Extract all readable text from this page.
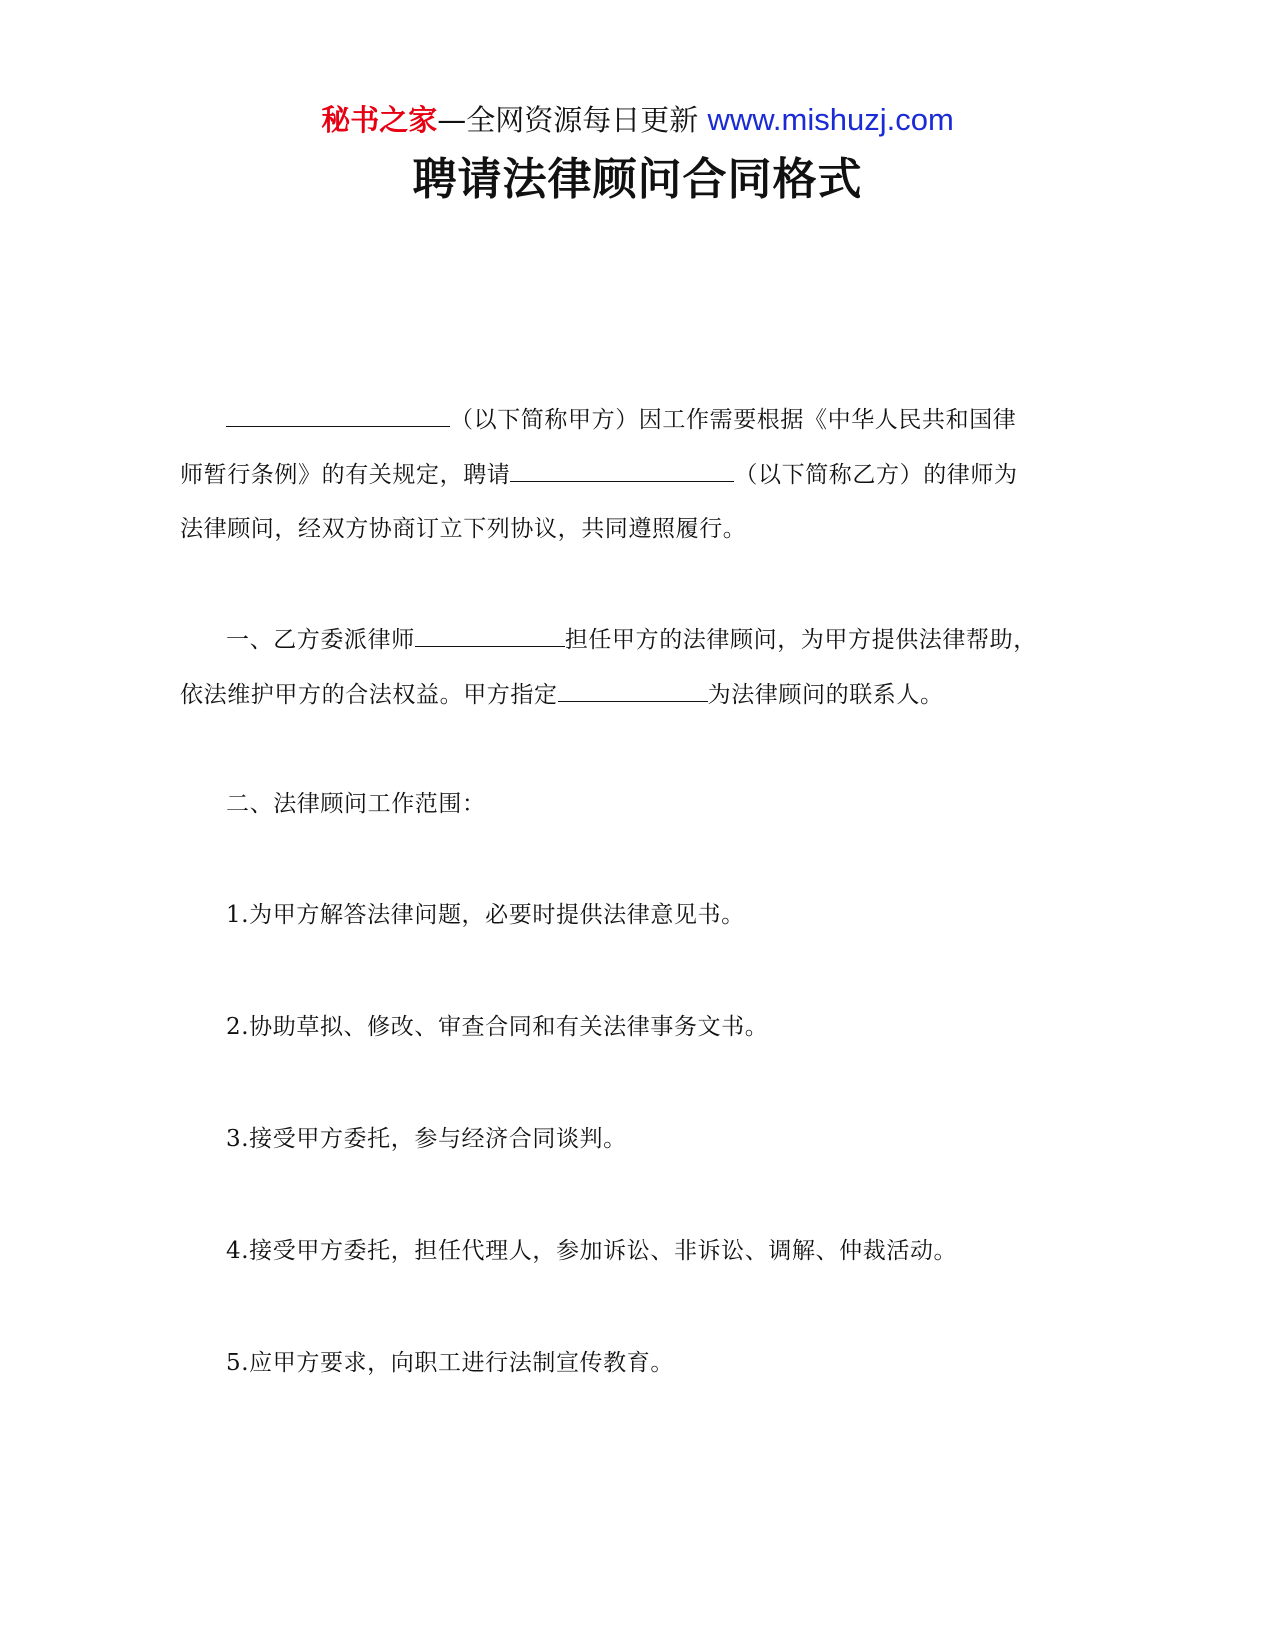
秘书之家—全网资源每日更新 www.mishuzj.com
聘请法律顾问合同格式
（以下简称甲方）因工作需要根据《中华人民共和国律
师暂行条例》的有关规定，聘请	（以下简称乙方）的律师为
法律顾问，经双方协商订立下列协议，共同遵照履行。
一、乙方委派律师	担任甲方的法律顾问，为甲方提供法律帮助，
依法维护甲方的合法权益。甲方指定	为法律顾问的联系人。
二、法律顾问工作范围：
1.为甲方解答法律问题，必要时提供法律意见书。
2.协助草拟、修改、审查合同和有关法律事务文书。
3.接受甲方委托，参与经济合同谈判。
4.接受甲方委托，担任代理人，参加诉讼、非诉讼、调解、仲裁活动。
5.应甲方要求，向职工进行法制宣传教育。
